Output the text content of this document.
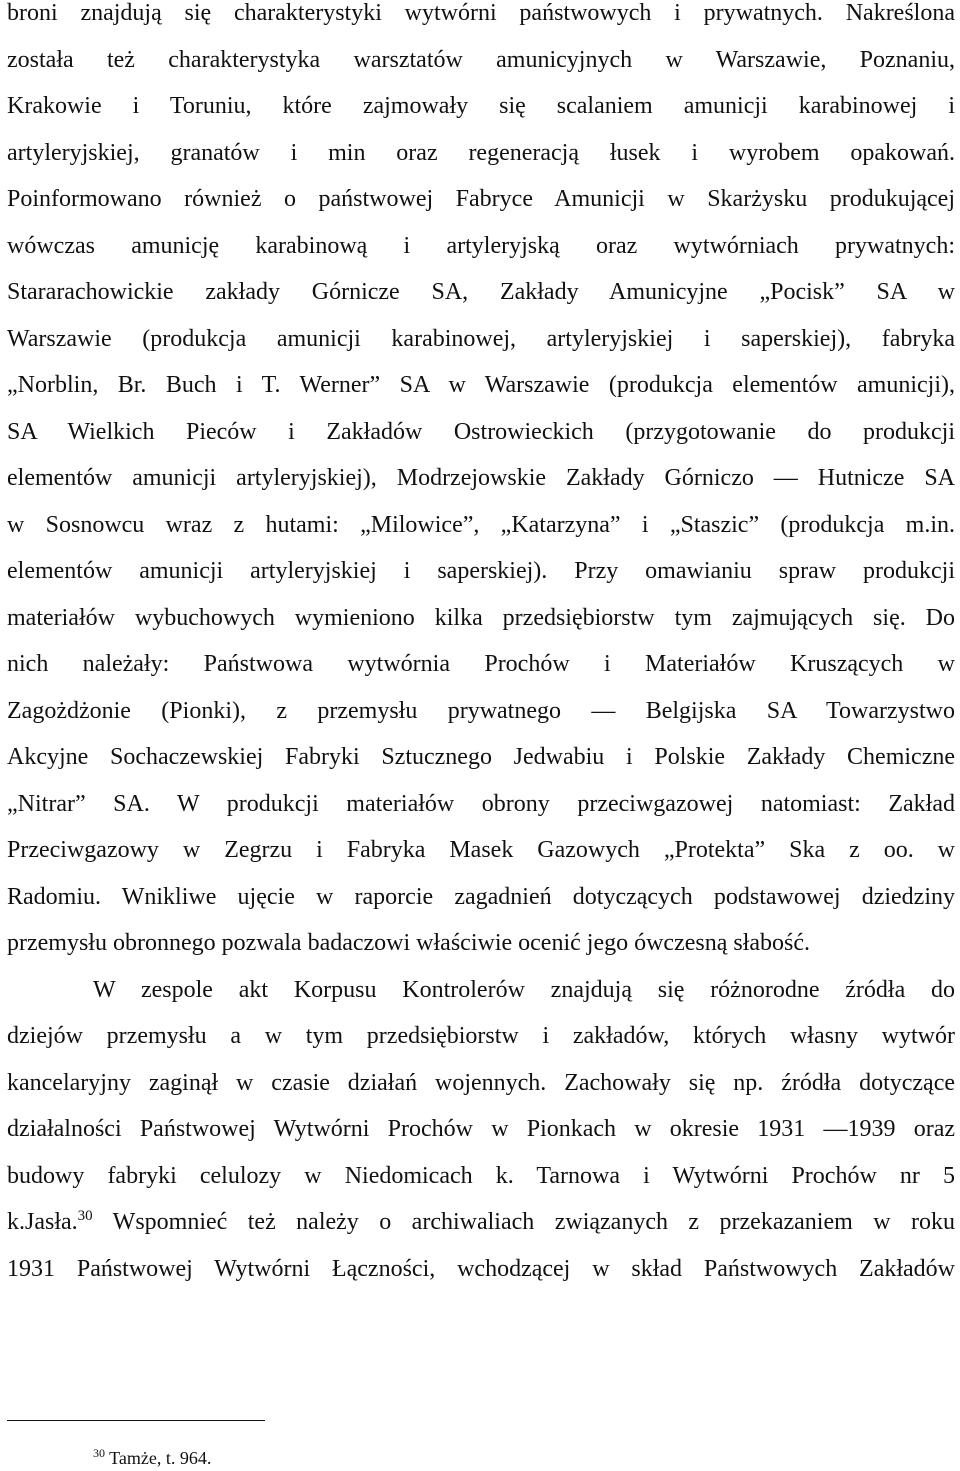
broni znajdują się charakterystyki wytwórni państwowych i prywatnych. Nakreślona
została też charakterystyka warsztatów amunicyjnych w Warszawie, Poznaniu,
Krakowie i Toruniu, które zajmowały się scalaniem amunicji karabinowej i
artyleryjskiej, granatów i min oraz regeneracją łusek i wyrobem opakowań.
Poinformowano również o państwowej Fabryce Amunicji w Skarżysku produkującej
wówczas amunicję karabinową i artyleryjską oraz wytwórniach prywatnych:
Stararachowickie zakłady Górnicze SA, Zakłady Amunicyjne „Pocisk” SA w
Warszawie (produkcja amunicji karabinowej, artyleryjskiej i saperskiej), fabryka
„Norblin, Br. Buch i T. Werner” SA w Warszawie (produkcja elementów amunicji),
SA Wielkich Pieców i Zakładów Ostrowieckich (przygotowanie do produkcji
elementów amunicji artyleryjskiej), Modrzejowskie Zakłady Górniczo — Hutnicze SA
w Sosnowcu wraz z hutami: „Milowice”, „Katarzyna” i „Staszic” (produkcja m.in.
elementów amunicji artyleryjskiej i saperskiej). Przy omawianiu spraw produkcji
materiałów wybuchowych wymieniono kilka przedsiębiorstw tym zajmujących się. Do
nich należały: Państwowa wytwórnia Prochów i Materiałów Kruszących w
Zagożdżonie (Pionki), z przemysłu prywatnego — Belgijska SA Towarzystwo
Akcyjne Sochaczewskiej Fabryki Sztucznego Jedwabiu i Polskie Zakłady Chemiczne
„Nitrar” SA. W produkcji materiałów obrony przeciwgazowej natomiast: Zakład
Przeciwgazowy w Zegrzu i Fabryka Masek Gazowych „Protekta” Ska z oo. w
Radomiu. Wnikliwe ujęcie w raporcie zagadnień dotyczących podstawowej dziedziny
przemysłu obronnego pozwala badaczowi właściwie ocenić jego ówczesną słabość.
W zespole akt Korpusu Kontrolerów znajdują się różnorodne źródła do
dziejów przemysłu a w tym przedsiębiorstw i zakładów, których własny wytwór
kancelaryjny zaginął w czasie działań wojennych. Zachowały się np. źródła dotyczące
działalności Państwowej Wytwórni Prochów w Pionkach w okresie 1931 —1939 oraz
budowy fabryki celulozy w Niedomicach k. Tarnowa i Wytwórni Prochów nr 5
k.Jasła.$^{30}$ Wspomnieć też należy o archiwaliach związanych z przekazaniem w roku
1931 Państwowej Wytwórni Łączności, wchodzącej w skład Państwowych Zakładów
$^{30}$ Tamże, t. 964.
